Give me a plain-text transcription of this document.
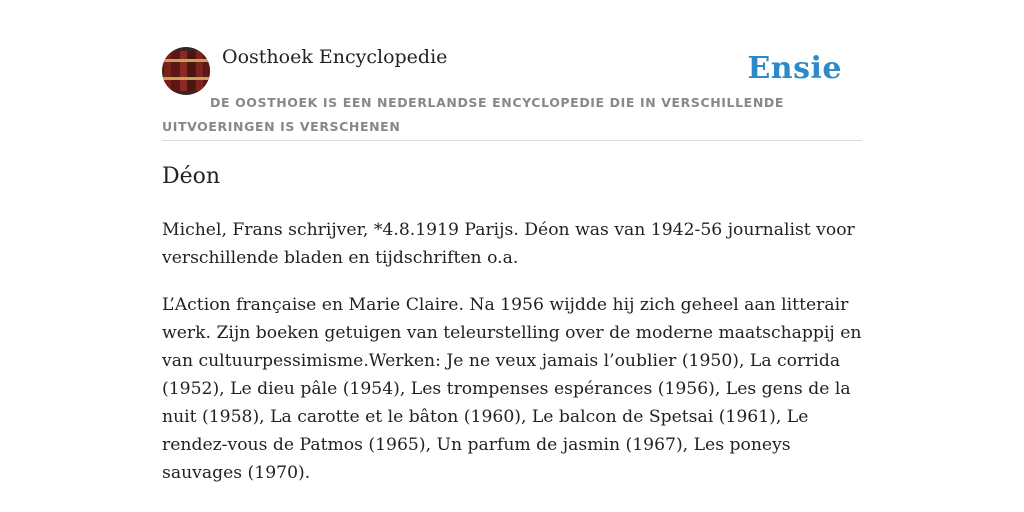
Oosthoek Encyclopedie	Ensie
DE OOSTHOEK IS EEN NEDERLANDSE ENCYCLOPEDIE DIE IN VERSCHILLENDE UITVOERINGEN IS VERSCHENEN
Déon

Michel, Frans schrijver, *4.8.1919 Parijs. Déon was van 1942-56 journalist voor verschillende bladen en tijdschriften o.a.

L’Action française en Marie Claire. Na 1956 wijdde hij zich geheel aan litterair werk. Zijn boeken getuigen van teleurstelling over de moderne maatschappij en van cultuurpessimisme.Werken: Je ne veux jamais l’oublier (1950), La corrida (1952), Le dieu pâle (1954), Les trompenses espérances (1956), Les gens de la nuit (1958), La carotte et le bâton (1960), Le balcon de Spetsai (1961), Le rendez-vous de Patmos (1965), Un parfum de jasmin (1967), Les poneys sauvages (1970).
